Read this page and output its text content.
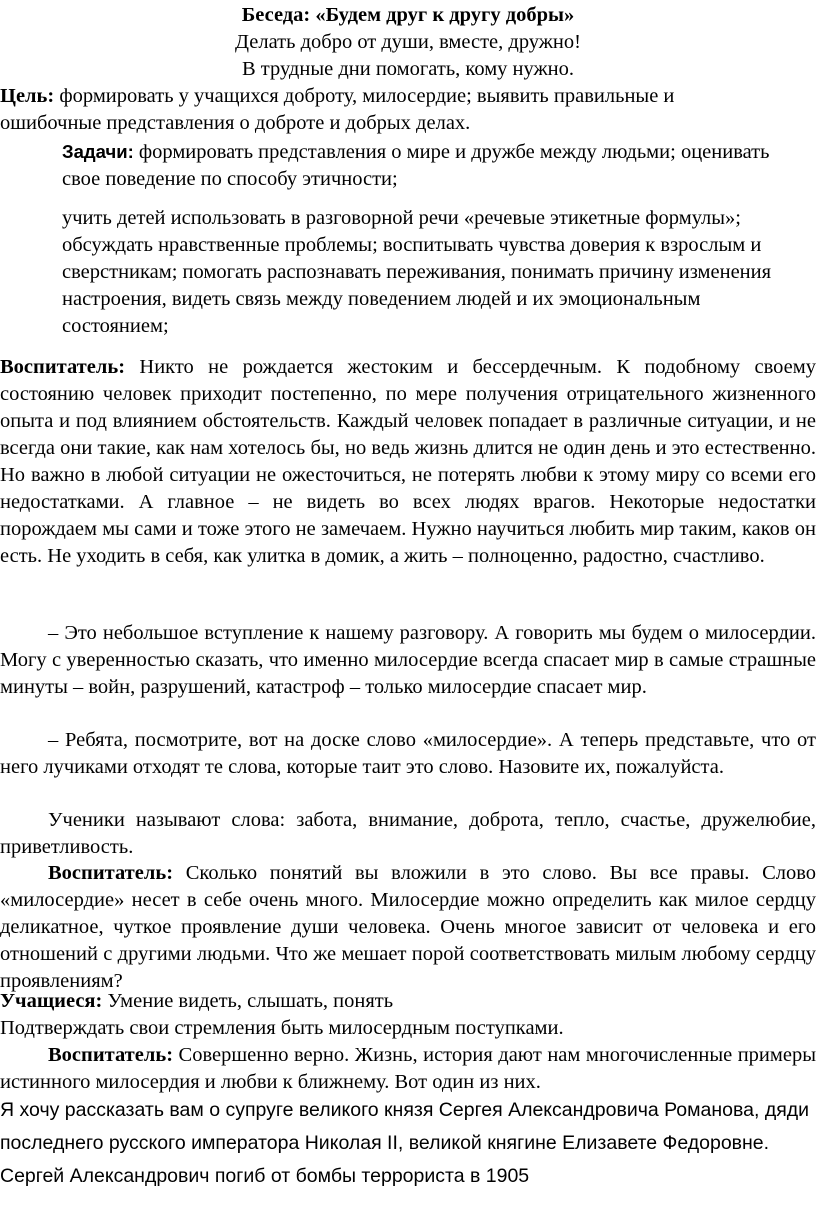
Беседа: «Будем друг к другу добры»

Делать добро от души, вместе, дружно!

В трудные дни помогать, кому нужно.

Цель: формировать у учащихся доброту, милосердие; выявить правильные и ошибочные представления о доброте и добрых делах.

Задачи: формировать представления о мире и дружбе между людьми; оценивать свое поведение по способу этичности;

учить детей использовать в разговорной речи «речевые этикетные формулы»; обсуждать нравственные проблемы; воспитывать чувства доверия к взрослым и сверстникам; помогать распознавать переживания, понимать причину изменения настроения, видеть связь между поведением людей и их эмоциональным состоянием;

Воспитатель: Никто не рождается жестоким и бессердечным. К подобному своему состоянию человек приходит постепенно, по мере получения отрицательного жизненного опыта и под влиянием обстоятельств. Каждый человек попадает в различные ситуации, и не всегда они такие, как нам хотелось бы, но ведь жизнь длится не один день и это естественно. Но важно в любой ситуации не ожесточиться, не потерять любви к этому миру со всеми его недостатками. А главное – не видеть во всех людях врагов. Некоторые недостатки порождаем мы сами и тоже этого не замечаем. Нужно научиться любить мир таким, каков он есть. Не уходить в себя, как улитка в домик, а жить – полноценно, радостно, счастливо.

– Это небольшое вступление к нашему разговору. А говорить мы будем о милосердии. Могу с уверенностью сказать, что именно милосердие всегда спасает мир в самые страшные минуты – войн, разрушений, катастроф – только милосердие спасает мир.

– Ребята, посмотрите, вот на доске слово «милосердие». А теперь представьте, что от него лучиками отходят те слова, которые таит это слово. Назовите их, пожалуйста.

Ученики называют слова: забота, внимание, доброта, тепло, счастье, дружелюбие, приветливость.

Воспитатель: Сколько понятий вы вложили в это слово. Вы все правы. Слово «милосердие» несет в себе очень много. Милосердие можно определить как милое сердцу деликатное, чуткое проявление души человека. Очень многое зависит от человека и его отношений с другими людьми. Что же мешает порой соответствовать милым любому сердцу проявлениям?

Учащиеся: Умение видеть, слышать, понять

Подтверждать свои стремления быть милосердным поступками.

Воспитатель: Совершенно верно. Жизнь, история дают нам многочисленные примеры истинного милосердия и любви к ближнему. Вот один из них.

Я хочу рассказать вам о супруге великого князя Сергея Александровича Романова, дяди последнего русского императора Николая II, великой княгине Елизавете Федоровне. Сергей Александрович погиб от бомбы террориста в 1905
